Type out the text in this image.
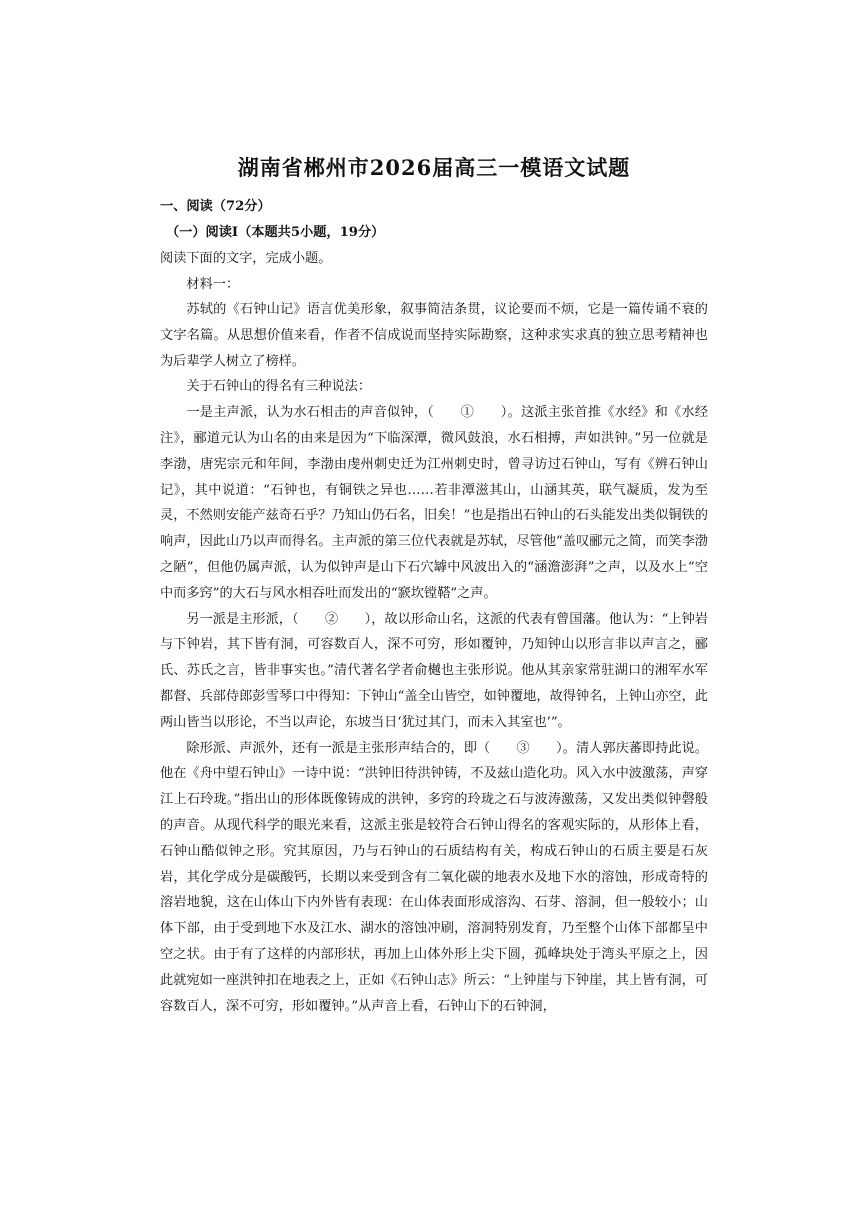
湖南省郴州市2026届高三一模语文试题
一、阅读（72分）
（一）阅读Ⅰ（本题共5小题，19分）
阅读下面的文字，完成小题。
材料一：

苏轼的《石钟山记》语言优美形象，叙事简洁条贯，议论要而不烦，它是一篇传诵不衰的文字名篇。从思想价值来看，作者不信成说而坚持实际勘察，这种求实求真的独立思考精神也为后辈学人树立了榜样。

关于石钟山的得名有三种说法：

一是主声派，认为水石相击的声音似钟，（　　①　　）。这派主张首推《水经》和《水经注》，郦道元认为山名的由来是因为“下临深潭，微风鼓浪，水石相搏，声如洪钟。”另一位就是李渤，唐宪宗元和年间，李渤由虔州刺史迁为江州刺史时，曾寻访过石钟山，写有《辨石钟山记》，其中说道：“石钟也，有铜铁之异也……若非潭滋其山，山涵其英，联气凝质，发为至灵，不然则安能产兹奇石乎？乃知山仍石名，旧矣！”也是指出石钟山的石头能发出类似铜铁的响声，因此山乃以声而得名。主声派的第三位代表就是苏轼，尽管他“盖叹郦元之简，而笑李渤之陋”，但他仍属声派，认为似钟声是山下石穴罅中风波出入的“涵澹澎湃”之声，以及水上“空中而多窍”的大石与风水相吞吐而发出的“窾坎镗鞳”之声。

另一派是主形派，（　　②　　），故以形命山名，这派的代表有曾国藩。他认为：“上钟岩与下钟岩，其下皆有洞，可容数百人，深不可穷，形如覆钟，乃知钟山以形言非以声言之，郦氏、苏氏之言，皆非事实也。”清代著名学者俞樾也主张形说。他从其亲家常驻湖口的湘军水军都督、兵部侍郎彭雪琴口中得知：下钟山“盖全山皆空，如钟覆地，故得钟名，上钟山亦空，此两山皆当以形论，不当以声论，东坡当日‘犹过其门，而未入其室也’”。

除形派、声派外，还有一派是主张形声结合的，即（　　③　　）。清人郭庆蕃即持此说。他在《舟中望石钟山》一诗中说：“洪钟旧待洪钟铸，不及兹山造化功。风入水中波激荡，声穿江上石玲珑。”指出山的形体既像铸成的洪钟，多窍的玲珑之石与波涛激荡，又发出类似钟磬般的声音。从现代科学的眼光来看，这派主张是较符合石钟山得名的客观实际的，从形体上看，石钟山酷似钟之形。究其原因，乃与石钟山的石质结构有关，构成石钟山的石质主要是石灰岩，其化学成分是碳酸钙，长期以来受到含有二氧化碳的地表水及地下水的溶蚀，形成奇特的溶岩地貌，这在山体山下内外皆有表现：在山体表面形成溶沟、石芽、溶洞，但一般较小；山体下部，由于受到地下水及江水、湖水的溶蚀冲刷，溶洞特别发育，乃至整个山体下部都呈中空之状。由于有了这样的内部形状，再加上山体外形上尖下圆，孤峰块处于湾头平原之上，因此就宛如一座洪钟扣在地表之上，正如《石钟山志》所云：“上钟崖与下钟崖，其上皆有洞，可容数百人，深不可穷，形如覆钟。”从声音上看，石钟山下的石钟洞，
